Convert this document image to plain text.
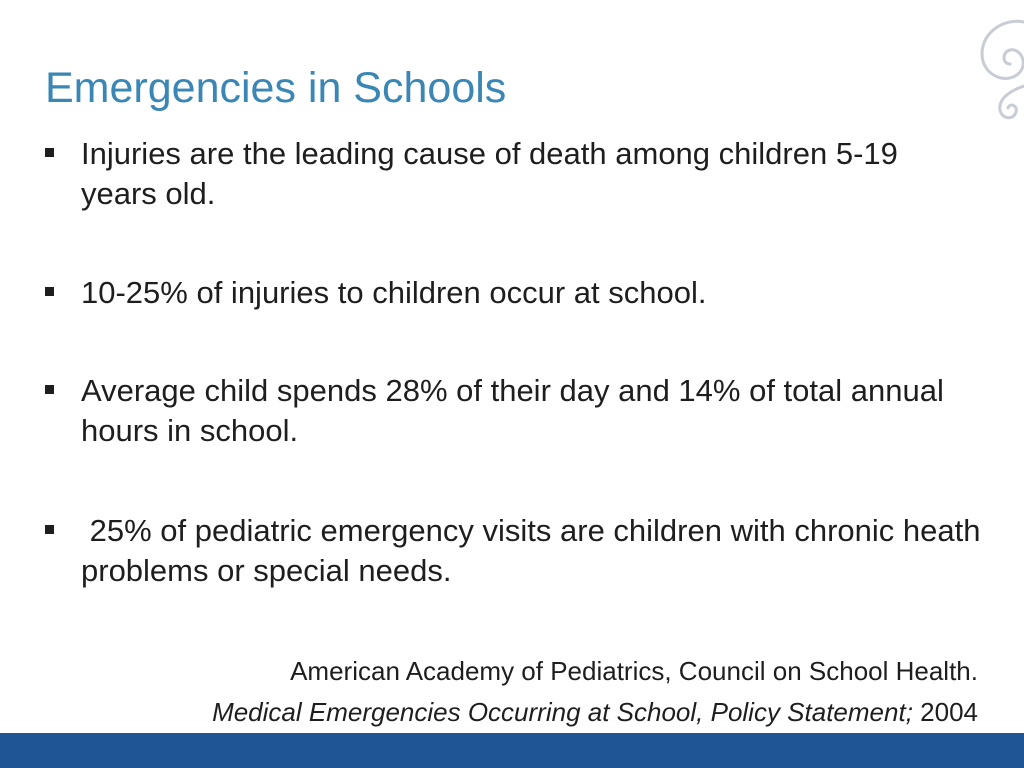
Emergencies in Schools
Injuries are the leading cause of death among children 5-19 years old.
10-25% of injuries to children occur at school.
Average child spends 28% of their day and 14% of total annual hours in school.
25% of pediatric emergency visits are children with chronic heath problems or special needs.
American Academy of Pediatrics, Council on School Health.
Medical Emergencies Occurring at School, Policy Statement; 2004
